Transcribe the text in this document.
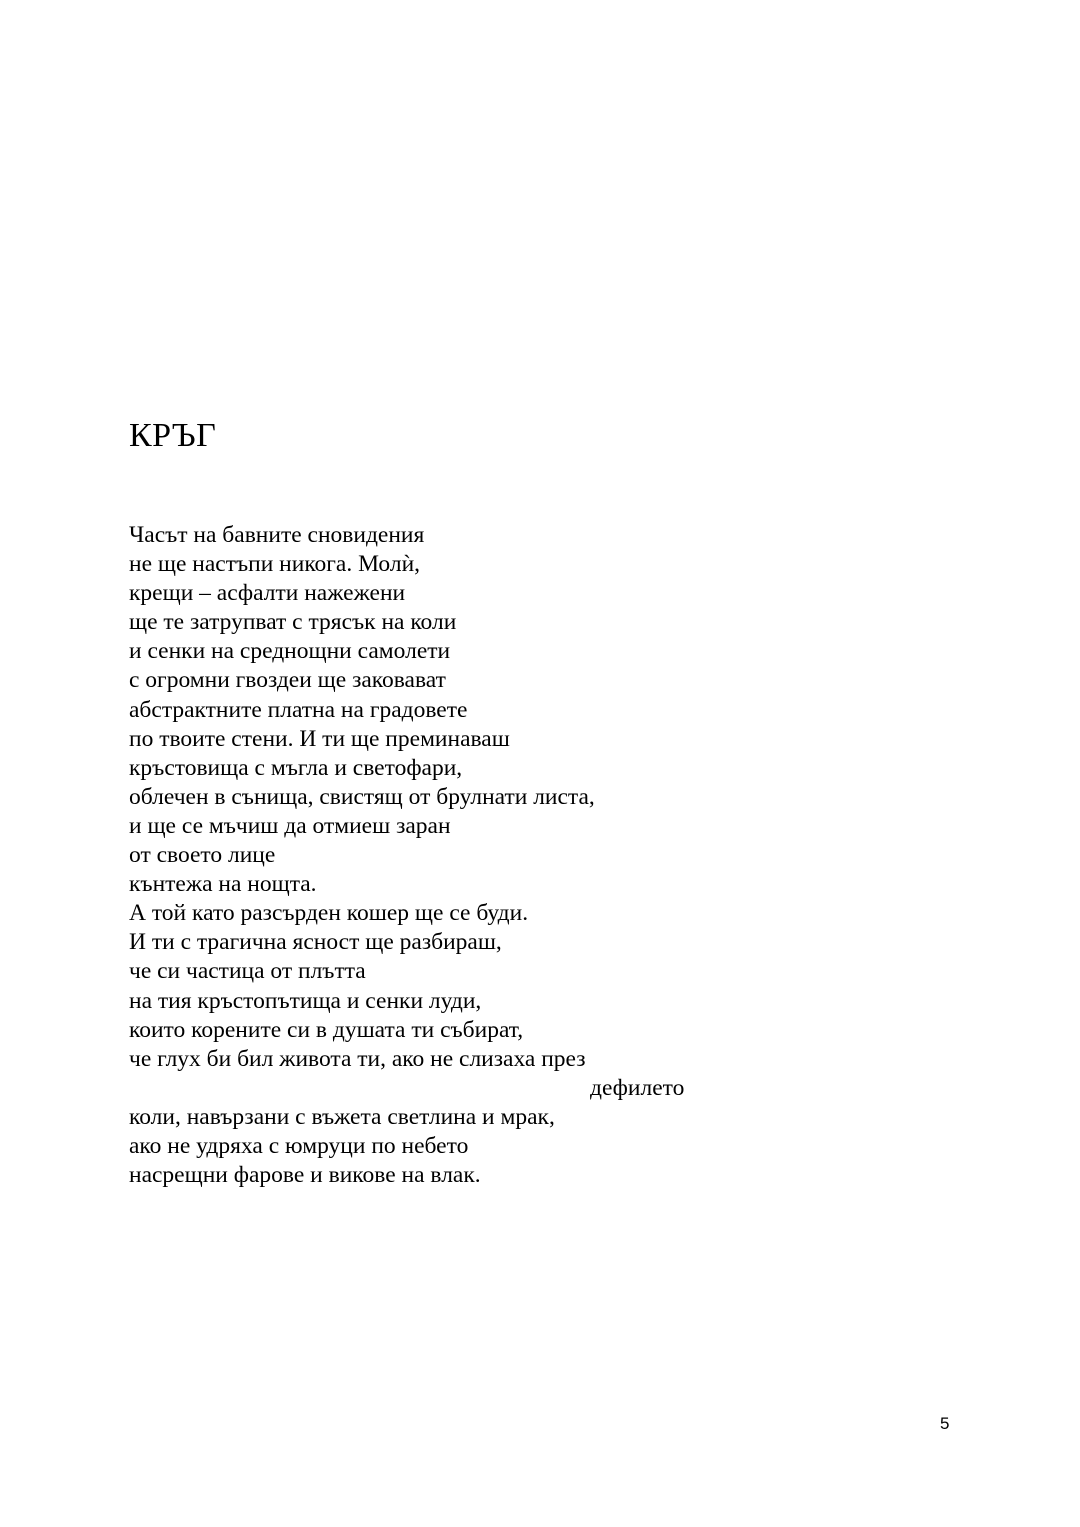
КРЪГ
Часът на бавните сновидения
не ще настъпи никога. Молѝ,
крещи – асфалти нажежени
ще те затрупват с трясък на коли
и сенки на среднощни самолети
с огромни гвоздеи ще заковават
абстрактните платна на градовете
по твоите стени. И ти ще преминаваш
кръстовища с мъгла и светофари,
облечен в сънища, свистящ от брулнати листа,
и ще се мъчиш да отмиеш заран
от своето лице
кънтежа на нощта.
А той като разсърден кошер ще се буди.
И ти с трагична ясност ще разбираш,
че си частица от плътта
на тия кръстопътища и сенки луди,
които корените си в душата ти събират,
че глух би бил живота ти, ако не слизаха през
дефилето
коли, навързани с въжета светлина и мрак,
ако не удряха с юмруци по небето
насрещни фарове и викове на влак.
5
